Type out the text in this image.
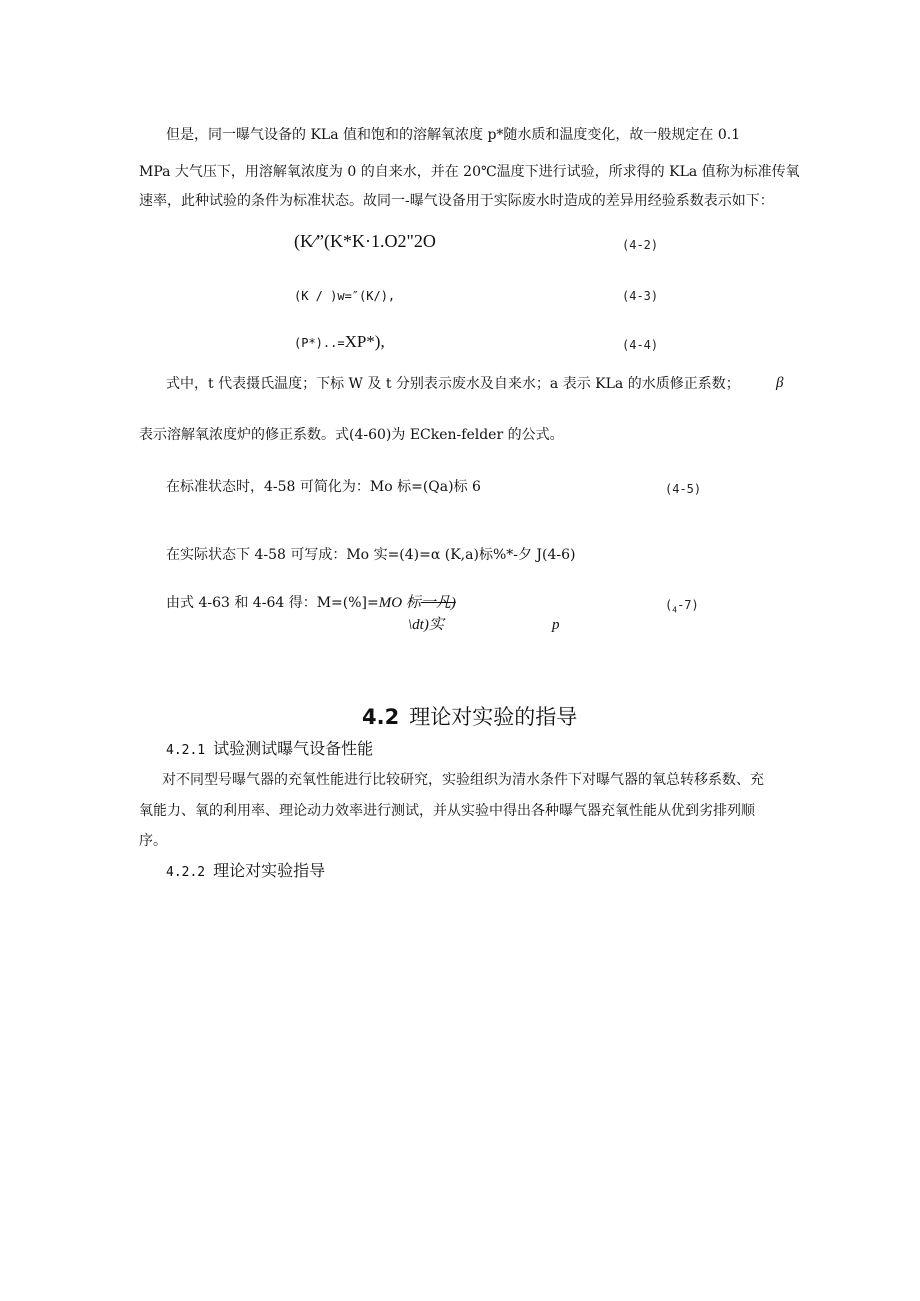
但是，同一曝气设备的 KLa 值和饱和的溶解氧浓度 p*随水质和温度变化，故一般规定在 0.1
MPa 大气压下，用溶解氧浓度为 0 的自来水，并在 20℃温度下进行试验，所求得的 KLa 值称为标准传氧
速率，此种试验的条件为标准状态。故同一-曝气设备用于实际废水时造成的差异用经验系数表示如下：
(K⁄”(K*K·1.O2"2O	(4-2)
(K / )w=″(K/),	(4-3)
(P*)..=XP*),	(4-4)
式中，t 代表摄氏温度；下标 W 及 t 分别表示废水及自来水；a 表示 KLa 的水质修正系数； β
表示溶解氧浓度炉的修正系数。式(4-60)为 ECken-felder 的公式。
在标准状态时，4-58 可简化为：Mo 标=(Qa)标 6	(4-5)
在实际状态下 4-58 可写成：Mo 实=(4)=α (K,a)标%*-夕 J(4-6)
由式 4-63 和 4-64 得：M=(%]=MO 标一凡)	$(_4-7)$
\dt)实	p
4.2 理论对实验的指导
4.2.1 试验测试曝气设备性能
对不同型号曝气器的充氧性能进行比较研究，实验组织为清水条件下对曝气器的氧总转移系数、充
氧能力、氧的利用率、理论动力效率进行测试，并从实验中得出各种曝气器充氧性能从优到劣排列顺
序。
4.2.2 理论对实验指导
